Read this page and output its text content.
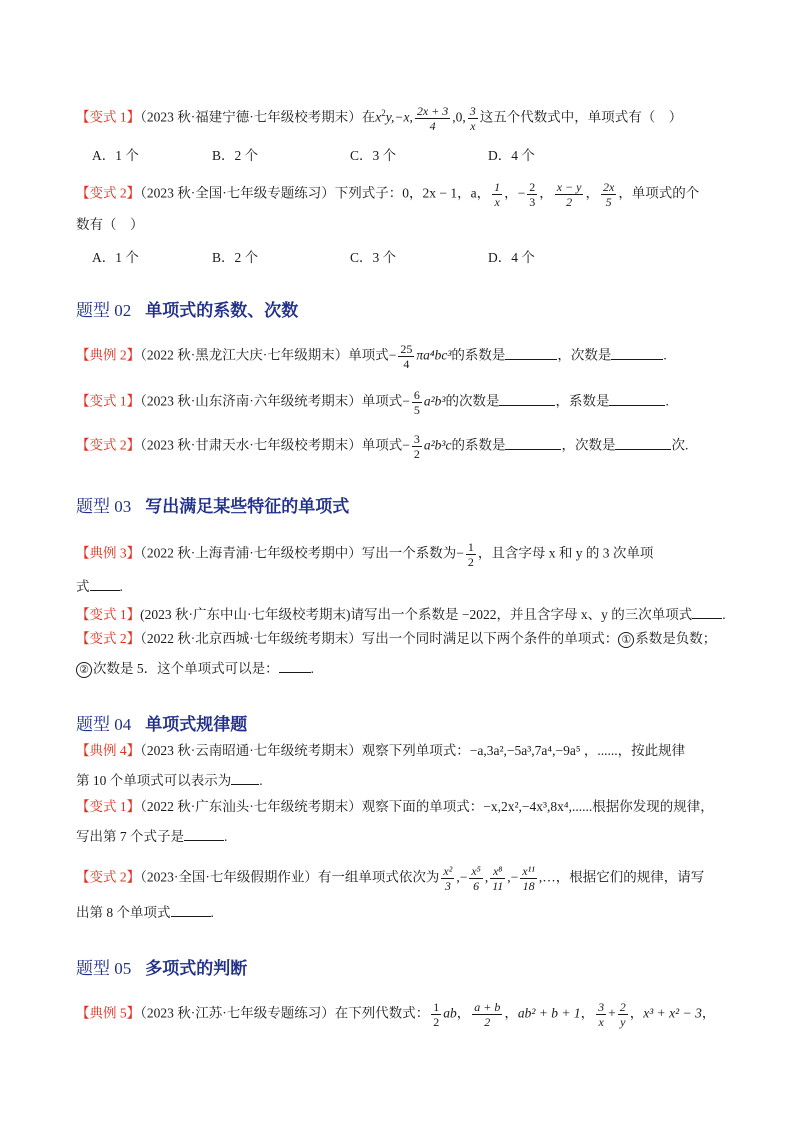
【变式 1】（2023 秋·福建宁德·七年级校考期末）在$x^2y,-x$, $\frac{2x + 3}{4} ,0$, $\frac{3}{x}$ 这五个代数式中，单项式有（　）
A．1 个	B．2 个	C．3 个	D．4 个
【变式 2】（2023 秋·全国·七年级专题练习）下列式子：0，2x − 1，a， $\frac{1}{x}$ ，− $\frac{2}{3}$ ， $\frac{x - y}{2}$ ， $\frac{2x}{5}$ ，单项式的个
数有（　）
A．1 个	B．2 个	C．3 个	D．4 个
题型 02 单项式的系数、次数
【典例 2】（2022 秋·黑龙江大庆·七年级期末）单项式− $\frac{25}{4} \pi a^4bc^3$的系数是	，次数是	.
【变式 1】（2023 秋·山东济南·六年级统考期末）单项式− $\frac{6}{5} a^2b^3$的次数是	，系数是	.
【变式 2】（2023 秋·甘肃天水·七年级校考期末）单项式− $\frac{3}{2} a^2b^3c$的系数是	，次数是	次.
题型 03 写出满足某些特征的单项式
【典例 3】（2022 秋·上海青浦·七年级校考期中）写出一个系数为− $\frac{1}{2}$ ，且含字母 x 和 y 的 3 次单项
式 .
【变式 1】(2023 秋·广东中山·七年级校考期末)请写出一个系数是 −2022，并且含字母 x、y 的三次单项式 .
【变式 2】（2022 秋·北京西城·七年级统考期末）写出一个同时满足以下两个条件的单项式： ① 系数是负数；
② 次数是 5．这个单项式可以是： .
题型 04 单项式规律题
【典例 4】（2023 秋·云南昭通·七年级统考期末）观察下列单项式：−a,3a²,−5a³,7a⁴,−9a⁵ ，......，按此规律
第 10 个单项式可以表示为 .
【变式 1】（2022 秋·广东汕头·七年级统考期末）观察下面的单项式：−x,2x²,−4x³,8x⁴,......根据你发现的规律，
写出第 7 个式子是	.
【变式 2】（2023·全国·七年级假期作业）有一组单项式依次为 $\frac{\text{x²}}{3}$ ,− $\frac{\text{x⁵}}{6}$ , $\frac{\text{x⁸}}{11}$ ,− $\frac{\text{x¹¹}}{18}$ ,…，根据它们的规律，请写
出第 8 个单项式	.
题型 05 多项式的判断
【典例 5】（2023 秋·江苏·七年级专题练习）在下列代数式： $\frac{1}{2}$ ab， $\frac{a + b}{2}$ ，ab² + b + 1， $\frac{3}{x} + \frac{2}{y}$ ，x³ + x² − 3，
